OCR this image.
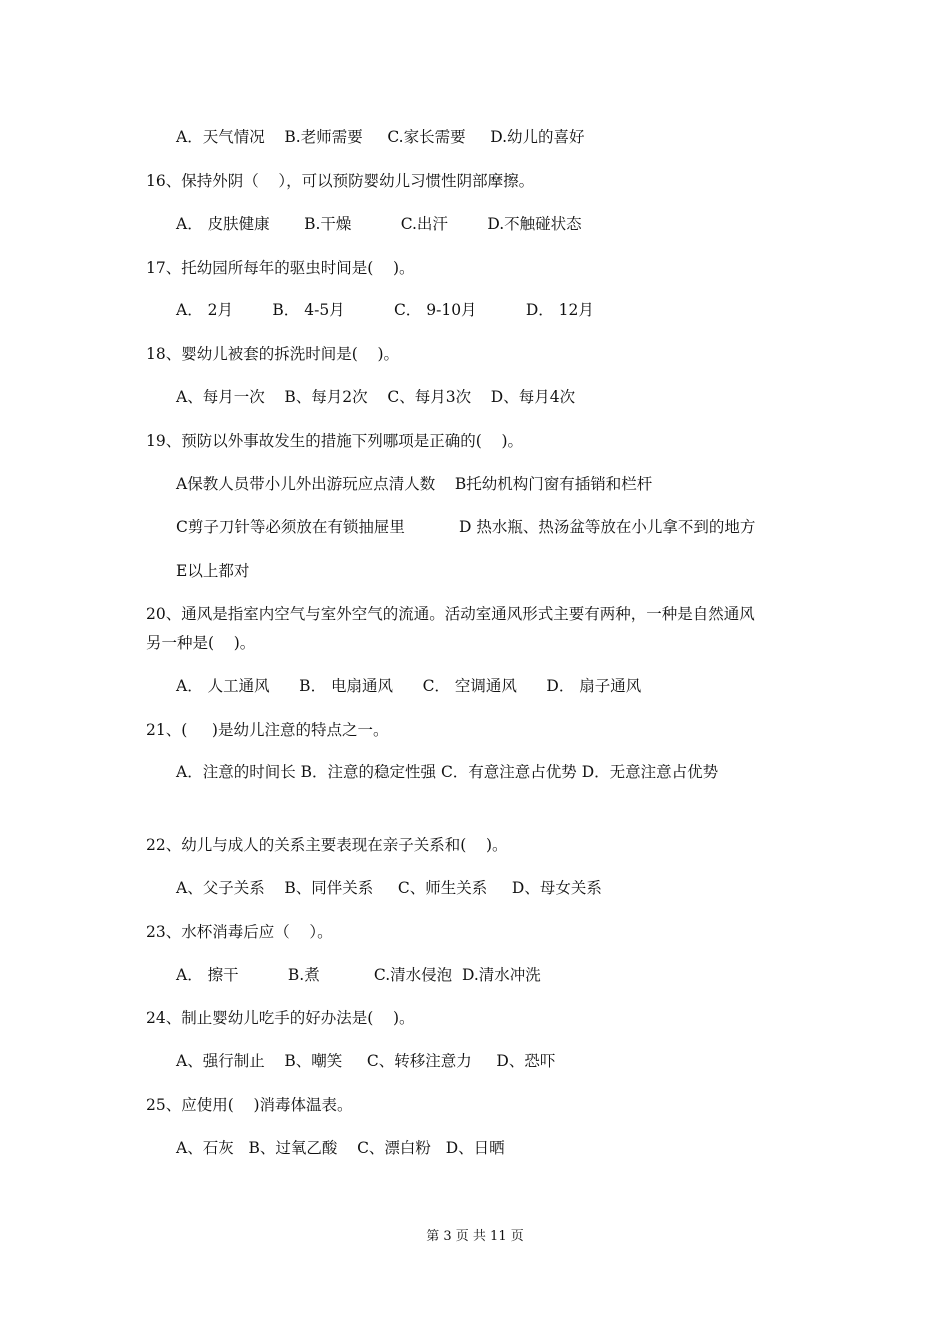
A．天气情况    B.老师需要     C.家长需要     D.幼儿的喜好
16、保持外阴（    ），可以预防婴幼儿习惯性阴部摩擦。
A． 皮肤健康       B.干燥          C.出汗        D.不触碰状态
17、托幼园所每年的驱虫时间是(    )。
A． 2月        B． 4-5月          C． 9-10月          D． 12月
18、婴幼儿被套的拆洗时间是(    )。
A、每月一次    B、每月2次    C、每月3次    D、每月4次
19、预防以外事故发生的措施下列哪项是正确的(    )。
A保教人员带小儿外出游玩应点清人数    B托幼机构门窗有插销和栏杆
C剪子刀针等必须放在有锁抽屉里           D 热水瓶、热汤盆等放在小儿拿不到的地方
E以上都对
20、通风是指室内空气与室外空气的流通。活动室通风形式主要有两种，一种是自然通风
另一种是(    )。
A． 人工通风      B． 电扇通风      C． 空调通风      D． 扇子通风
21、(     )是幼儿注意的特点之一。
A．注意的时间长 B．注意的稳定性强 C．有意注意占优势 D．无意注意占优势
22、幼儿与成人的关系主要表现在亲子关系和(    )。
A、父子关系    B、同伴关系     C、师生关系     D、母女关系
23、水杯消毒后应（    ）。
A． 擦干          B.煮           C.清水侵泡  D.清水冲洗
24、制止婴幼儿吃手的好办法是(    )。
A、强行制止    B、嘲笑     C、转移注意力     D、恐吓
25、应使用(    )消毒体温表。
A、石灰   B、过氧乙酸    C、漂白粉   D、日晒
第 3 页 共 11 页
